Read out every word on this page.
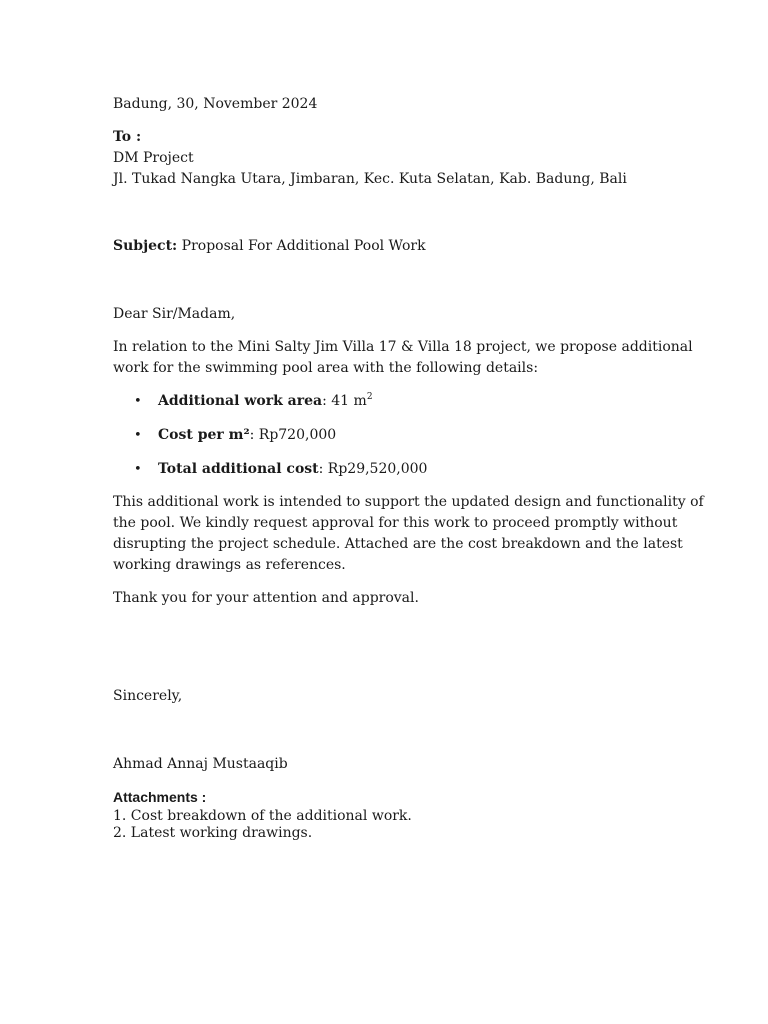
Badung, 30, November 2024
To :
DM Project
Jl. Tukad Nangka Utara, Jimbaran, Kec. Kuta Selatan, Kab. Badung, Bali
Subject: Proposal For Additional Pool Work
Dear Sir/Madam,
In relation to the Mini Salty Jim Villa 17 & Villa 18 project, we propose additional
work for the swimming pool area with the following details:
• Additional work area: 41 $m^2$
• Cost per m²: Rp720,000
• Total additional cost: Rp29,520,000
This additional work is intended to support the updated design and functionality of
the pool. We kindly request approval for this work to proceed promptly without
disrupting the project schedule. Attached are the cost breakdown and the latest
working drawings as references.
Thank you for your attention and approval.
Sincerely,
Ahmad Annaj Mustaaqib
Attachments :
1. Cost breakdown of the additional work.
2. Latest working drawings.
